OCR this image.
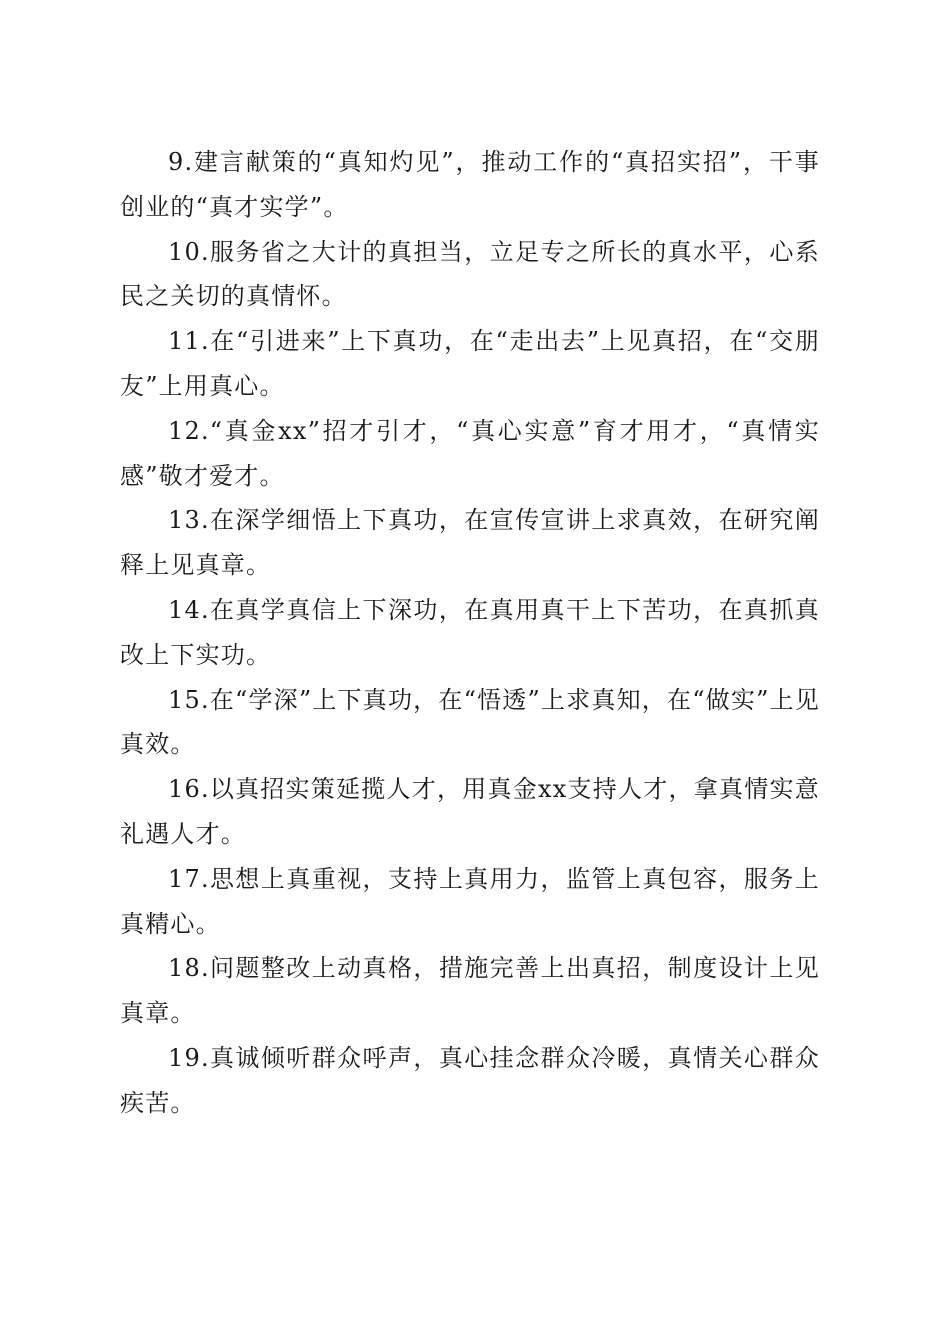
9.建言献策的“真知灼见”，推动工作的“真招实招”，干事创业的“真才实学”。

10.服务省之大计的真担当，立足专之所长的真水平，心系民之关切的真情怀。

11.在“引进来”上下真功，在“走出去”上见真招，在“交朋友”上用真心。

12.“真金xx”招才引才，“真心实意”育才用才，“真情实感”敬才爱才。

13.在深学细悟上下真功，在宣传宣讲上求真效，在研究阐释上见真章。

14.在真学真信上下深功，在真用真干上下苦功，在真抓真改上下实功。

15.在“学深”上下真功，在“悟透”上求真知，在“做实”上见真效。

16.以真招实策延揽人才，用真金xx支持人才，拿真情实意礼遇人才。

17.思想上真重视，支持上真用力，监管上真包容，服务上真精心。

18.问题整改上动真格，措施完善上出真招，制度设计上见真章。

19.真诚倾听群众呼声，真心挂念群众冷暖，真情关心群众疾苦。
